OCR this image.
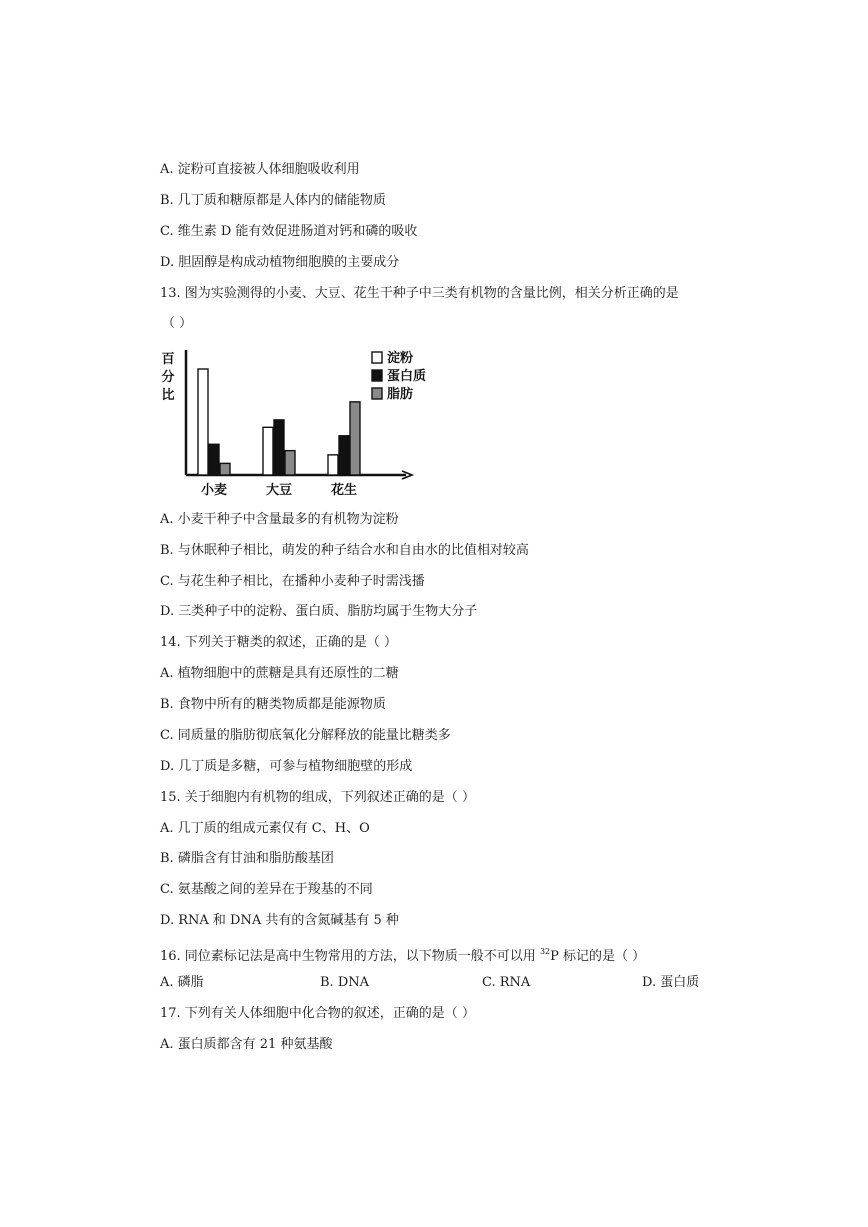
A. 淀粉可直接被人体细胞吸收利用
B. 几丁质和糖原都是人体内的储能物质
C. 维生素 D 能有效促进肠道对钙和磷的吸收
D. 胆固醇是构成动植物细胞膜的主要成分
13. 图为实验测得的小麦、大豆、花生干种子中三类有机物的含量比例，相关分析正确的是
（ ）
百
分
比
小麦	大豆	花生
淀粉
蛋白质
脂肪
A. 小麦干种子中含量最多的有机物为淀粉
B. 与休眠种子相比，萌发的种子结合水和自由水的比值相对较高
C. 与花生种子相比，在播种小麦种子时需浅播
D. 三类种子中的淀粉、蛋白质、脂肪均属于生物大分子
14. 下列关于糖类的叙述，正确的是（ ）
A. 植物细胞中的蔗糖是具有还原性的二糖
B. 食物中所有的糖类物质都是能源物质
C. 同质量的脂肪彻底氧化分解释放的能量比糖类多
D. 几丁质是多糖，可参与植物细胞壁的形成
15. 关于细胞内有机物的组成，下列叙述正确的是（ ）
A. 几丁质的组成元素仅有 C、H、O
B. 磷脂含有甘油和脂肪酸基团
C. 氨基酸之间的差异在于羧基的不同
D. RNA 和 DNA 共有的含氮碱基有 5 种
16. 同位素标记法是高中生物常用的方法，以下物质一般不可以用 $^{32}$P 标记的是（ ）
A. 磷脂	B. DNA	C. RNA	D. 蛋白质
17. 下列有关人体细胞中化合物的叙述，正确的是（ ）
A. 蛋白质都含有 21 种氨基酸
